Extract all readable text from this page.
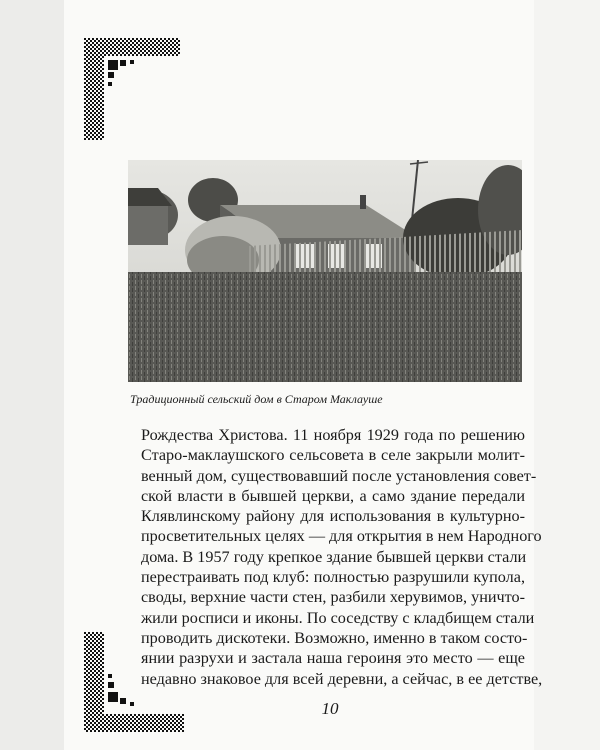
Традиционный сельский дом в Старом Маклауше
Рождества Христова. 11 ноября 1929 года по решению
Старо-маклаушского сельсовета в селе закрыли молит-
венный дом, существовавший после установления совет-
ской власти в бывшей церкви, а само здание передали
Клявлинскому району для использования в культурно-
просветительных целях — для открытия в нем Народного
дома. В 1957 году крепкое здание бывшей церкви стали
перестраивать под клуб: полностью разрушили купола,
своды, верхние части стен, разбили херувимов, уничто-
жили росписи и иконы. По соседству с кладбищем стали
проводить дискотеки. Возможно, именно в таком состо-
янии разрухи и застала наша героиня это место — еще
недавно знаковое для всей деревни, а сейчас, в ее детстве,
10
